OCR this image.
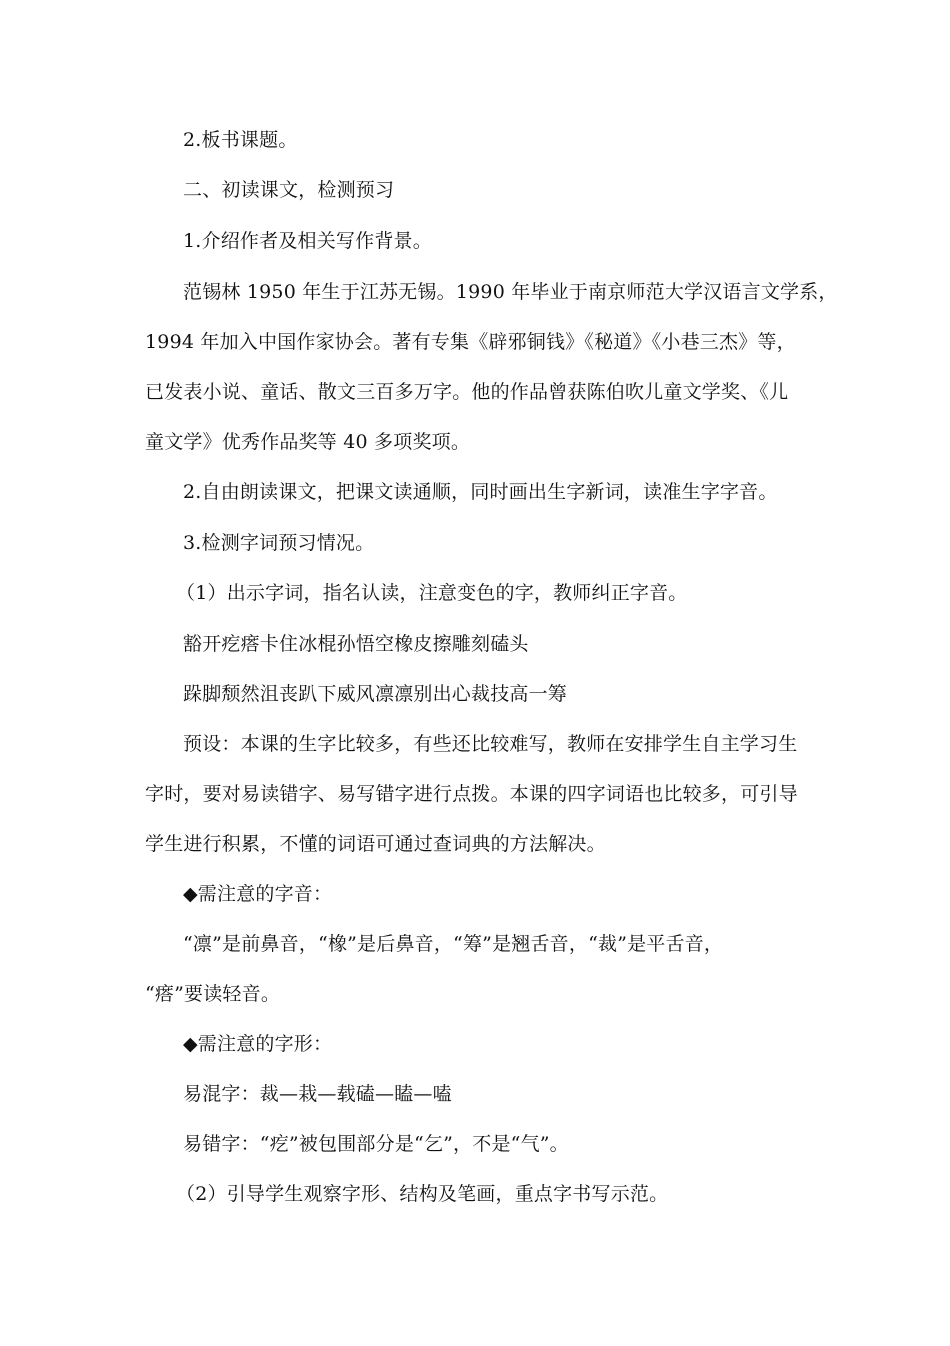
2.板书课题。
二、初读课文，检测预习
1.介绍作者及相关写作背景。
范锡林 1950 年生于江苏无锡。1990 年毕业于南京师范大学汉语言文学系，
1994 年加入中国作家协会。著有专集《辟邪铜钱》《秘道》《小巷三杰》等，
已发表小说、童话、散文三百多万字。他的作品曾获陈伯吹儿童文学奖、《儿
童文学》优秀作品奖等 40 多项奖项。
2.自由朗读课文，把课文读通顺，同时画出生字新词，读准生字字音。
3.检测字词预习情况。
（1）出示字词，指名认读，注意变色的字，教师纠正字音。
豁开疙瘩卡住冰棍孙悟空橡皮擦雕刻磕头
跺脚颓然沮丧趴下威风凛凛别出心裁技高一筹
预设：本课的生字比较多，有些还比较难写，教师在安排学生自主学习生
字时，要对易读错字、易写错字进行点拨。本课的四字词语也比较多，可引导
学生进行积累，不懂的词语可通过查词典的方法解决。
◆需注意的字音：
“凛”是前鼻音，“橡”是后鼻音，“筹”是翘舌音，“裁”是平舌音，
“瘩”要读轻音。
◆需注意的字形：
易混字：裁—栽—载磕—瞌—嗑
易错字：“疙”被包围部分是“乞”，不是“气”。
（2）引导学生观察字形、结构及笔画，重点字书写示范。
